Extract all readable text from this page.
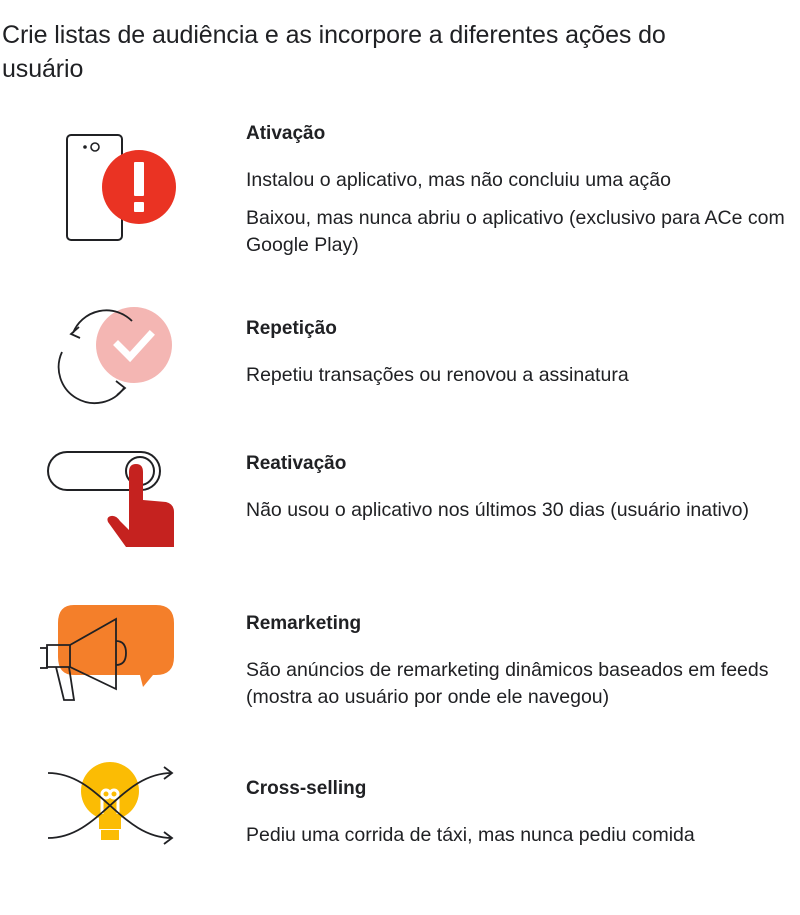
Crie listas de audiência e as incorpore a diferentes ações do usuário
Ativação
Instalou o aplicativo, mas não concluiu uma ação
Baixou, mas nunca abriu o aplicativo (exclusivo para ACe com Google Play)
Repetição
Repetiu transações ou renovou a assinatura
Reativação
Não usou o aplicativo nos últimos 30 dias (usuário inativo)
Remarketing
São anúncios de remarketing dinâmicos baseados em feeds (mostra ao usuário por onde ele navegou)
Cross-selling
Pediu uma corrida de táxi, mas nunca pediu comida
